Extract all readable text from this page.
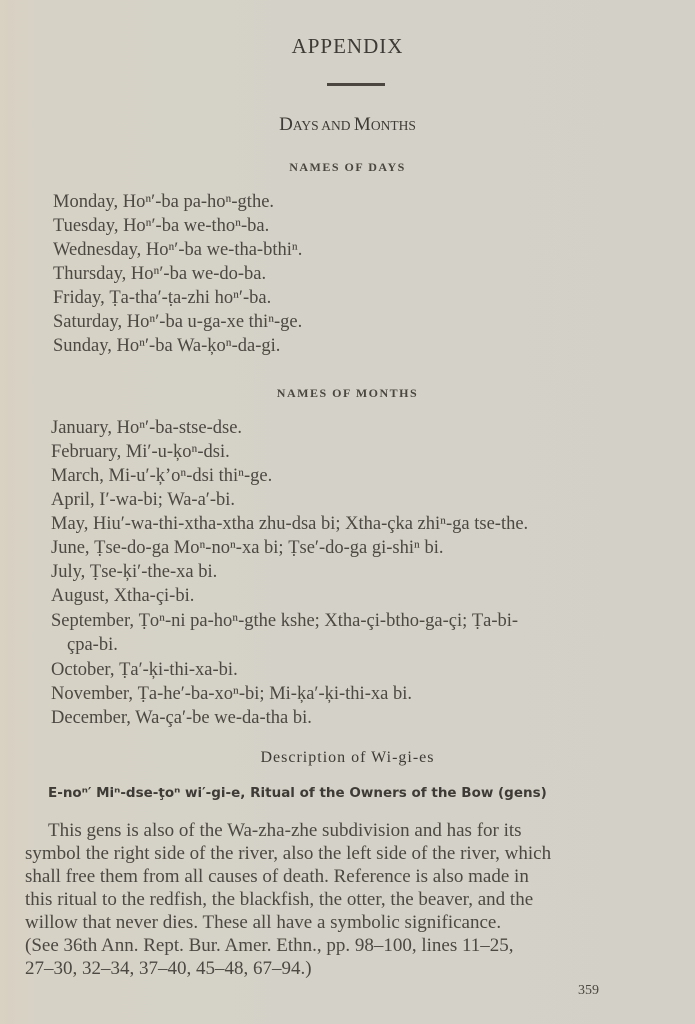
APPENDIX
DAYS AND MONTHS
NAMES OF DAYS
Monday, Hoⁿ′-ba pa-hoⁿ-gthe.
Tuesday, Hoⁿ′-ba we-thoⁿ-ba.
Wednesday, Hoⁿ′-ba we-tha-bthiⁿ.
Thursday, Hoⁿ′-ba we-do-ba.
Friday, Ṭa-tha′-ṭa-zhi hoⁿ′-ba.
Saturday, Hoⁿ′-ba u-ga-xe thiⁿ-ge.
Sunday, Hoⁿ′-ba Wa-ķoⁿ-da-gi.
NAMES OF MONTHS
January, Hoⁿ′-ba-stse-dse.
February, Mi′-u-ķoⁿ-dsi.
March, Mi-u′-ķ’oⁿ-dsi thiⁿ-ge.
April, I′-wa-bi; Wa-a′-bi.
May, Hiu′-wa-thi-xtha-xtha zhu-dsa bi; Xtha-çka zhiⁿ-ga tse-the.
June, Ṭse-do-ga Moⁿ-noⁿ-xa bi; Ṭse′-do-ga gi-shiⁿ bi.
July, Ṭse-ķi′-the-xa bi.
August, Xtha-çi-bi.
September, Ṭoⁿ-ni pa-hoⁿ-gthe kshe; Xtha-çi-btho-ga-çi; Ṭa-bi-
çpa-bi.
October, Ṭa′-ķi-thi-xa-bi.
November, Ṭa-he′-ba-xoⁿ-bi; Mi-ķa′-ķi-thi-xa bi.
December, Wa-ça′-be we-da-tha bi.
Description of Wi-gi-es
E-noⁿ′ Miⁿ-dse-ţoⁿ wi′-gi-e, Ritual of the Owners of the Bow (gens)
This gens is also of the Wa-zha-zhe subdivision and has for its
symbol the right side of the river, also the left side of the river, which
shall free them from all causes of death. Reference is also made in
this ritual to the redfish, the blackfish, the otter, the beaver, and the
willow that never dies. These all have a symbolic significance.
(See 36th Ann. Rept. Bur. Amer. Ethn., pp. 98–100, lines 11–25,
27–30, 32–34, 37–40, 45–48, 67–94.)
359
